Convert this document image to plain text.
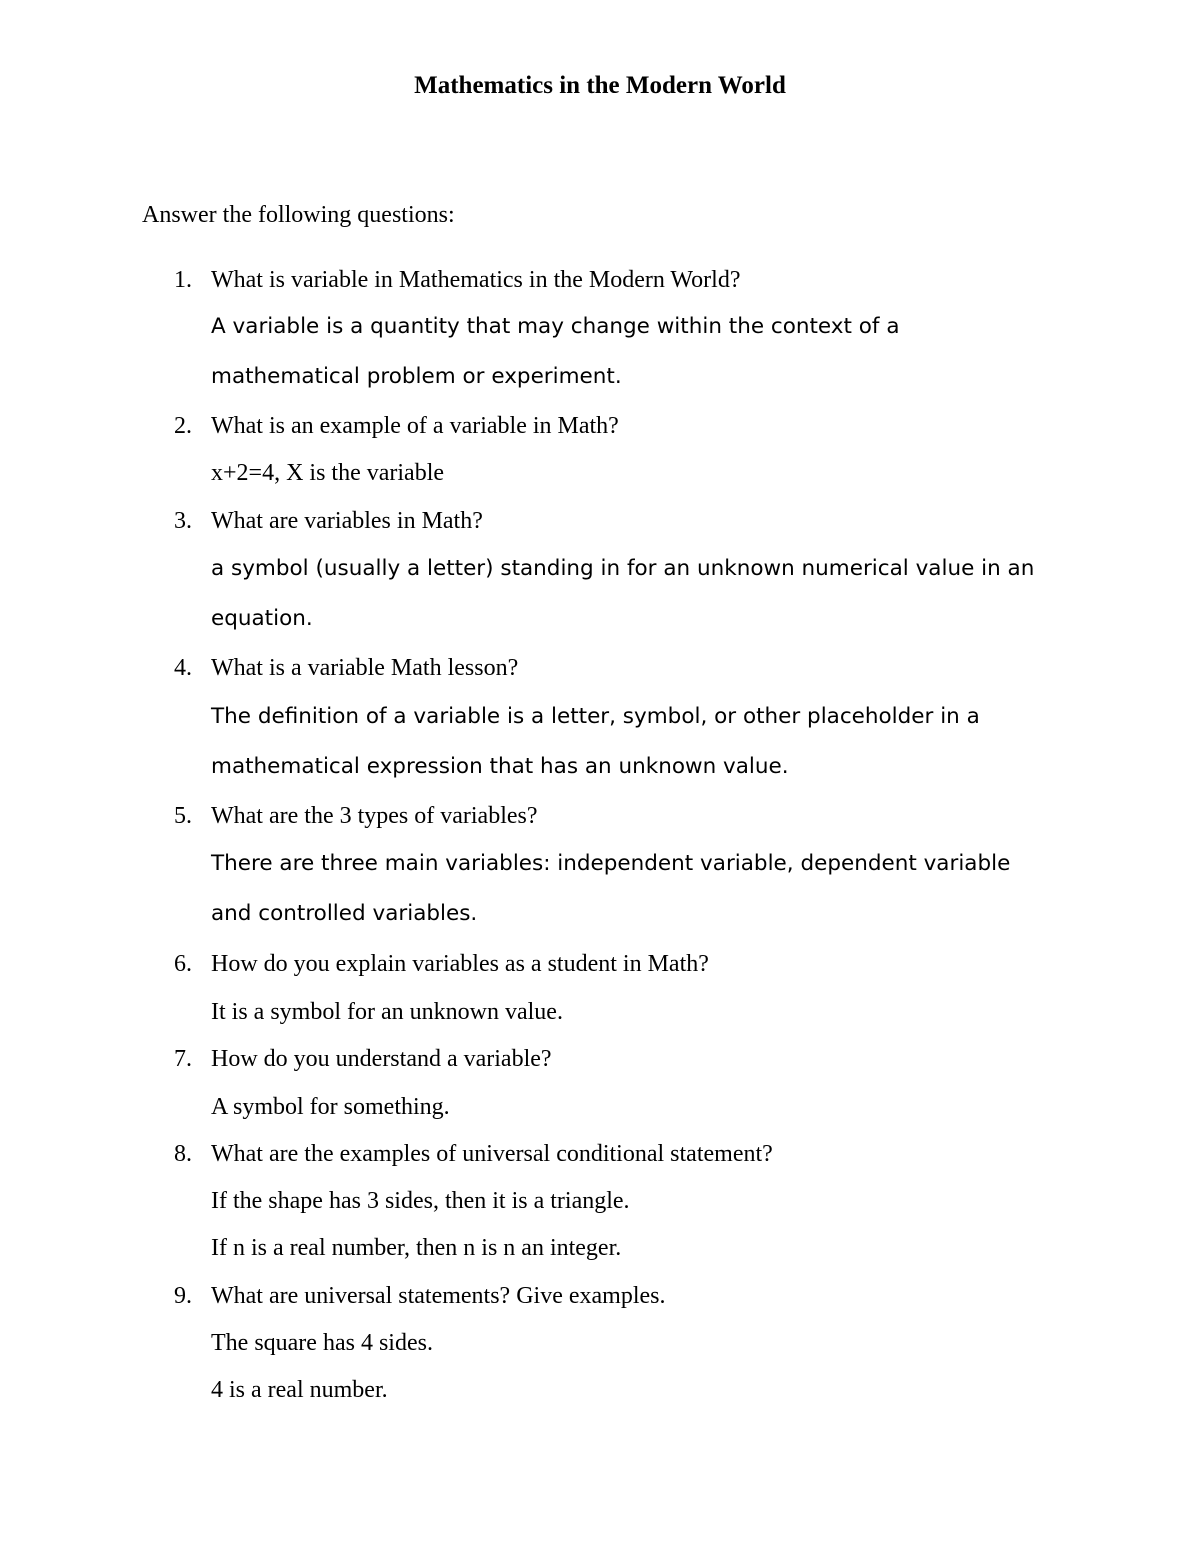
Mathematics in the Modern World
Answer the following questions:
1. What is variable in Mathematics in the Modern World?
A variable is a quantity that may change within the context of a
mathematical problem or experiment.
2. What is an example of a variable in Math?
x+2=4, X is the variable
3. What are variables in Math?
a symbol (usually a letter) standing in for an unknown numerical value in an
equation.
4. What is a variable Math lesson?
The definition of a variable is a letter, symbol, or other placeholder in a
mathematical expression that has an unknown value.
5. What are the 3 types of variables?
There are three main variables: independent variable, dependent variable
and controlled variables.
6. How do you explain variables as a student in Math?
It is a symbol for an unknown value.
7. How do you understand a variable?
A symbol for something.
8. What are the examples of universal conditional statement?
If the shape has 3 sides, then it is a triangle.
If n is a real number, then n is n an integer.
9. What are universal statements? Give examples.
The square has 4 sides.
4 is a real number.
